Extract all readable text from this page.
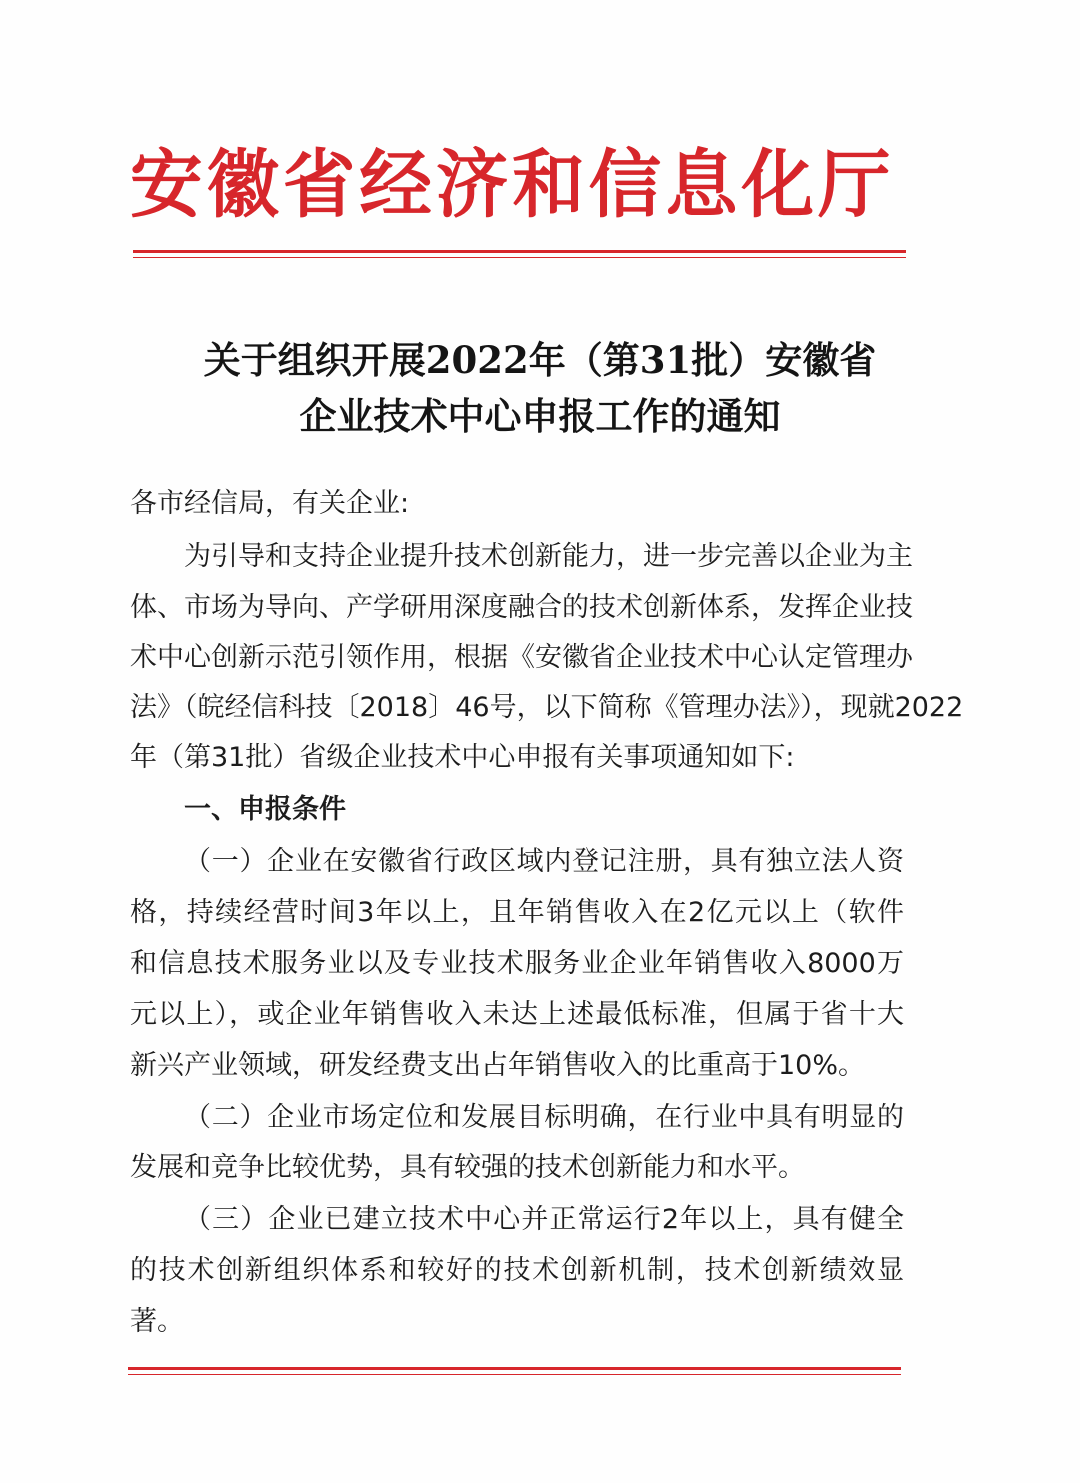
安徽省经济和信息化厅
关于组织开展2022年（第31批）安徽省
企业技术中心申报工作的通知
各市经信局，有关企业:
为引导和支持企业提升技术创新能力，进一步完善以企业为主
体、市场为导向、产学研用深度融合的技术创新体系，发挥企业技
术中心创新示范引领作用，根据《安徽省企业技术中心认定管理办
法》（皖经信科技〔2018〕46号，以下简称《管理办法》），现就2022
年（第31批）省级企业技术中心申报有关事项通知如下:
一、申报条件
（一）企业在安徽省行政区域内登记注册，具有独立法人资
格，持续经营时间3年以上，且年销售收入在2亿元以上（软件
和信息技术服务业以及专业技术服务业企业年销售收入8000万
元以上），或企业年销售收入未达上述最低标准，但属于省十大
新兴产业领域，研发经费支出占年销售收入的比重高于10%。
（二）企业市场定位和发展目标明确，在行业中具有明显的
发展和竞争比较优势，具有较强的技术创新能力和水平。
（三）企业已建立技术中心并正常运行2年以上，具有健全
的技术创新组织体系和较好的技术创新机制，技术创新绩效显
著。
